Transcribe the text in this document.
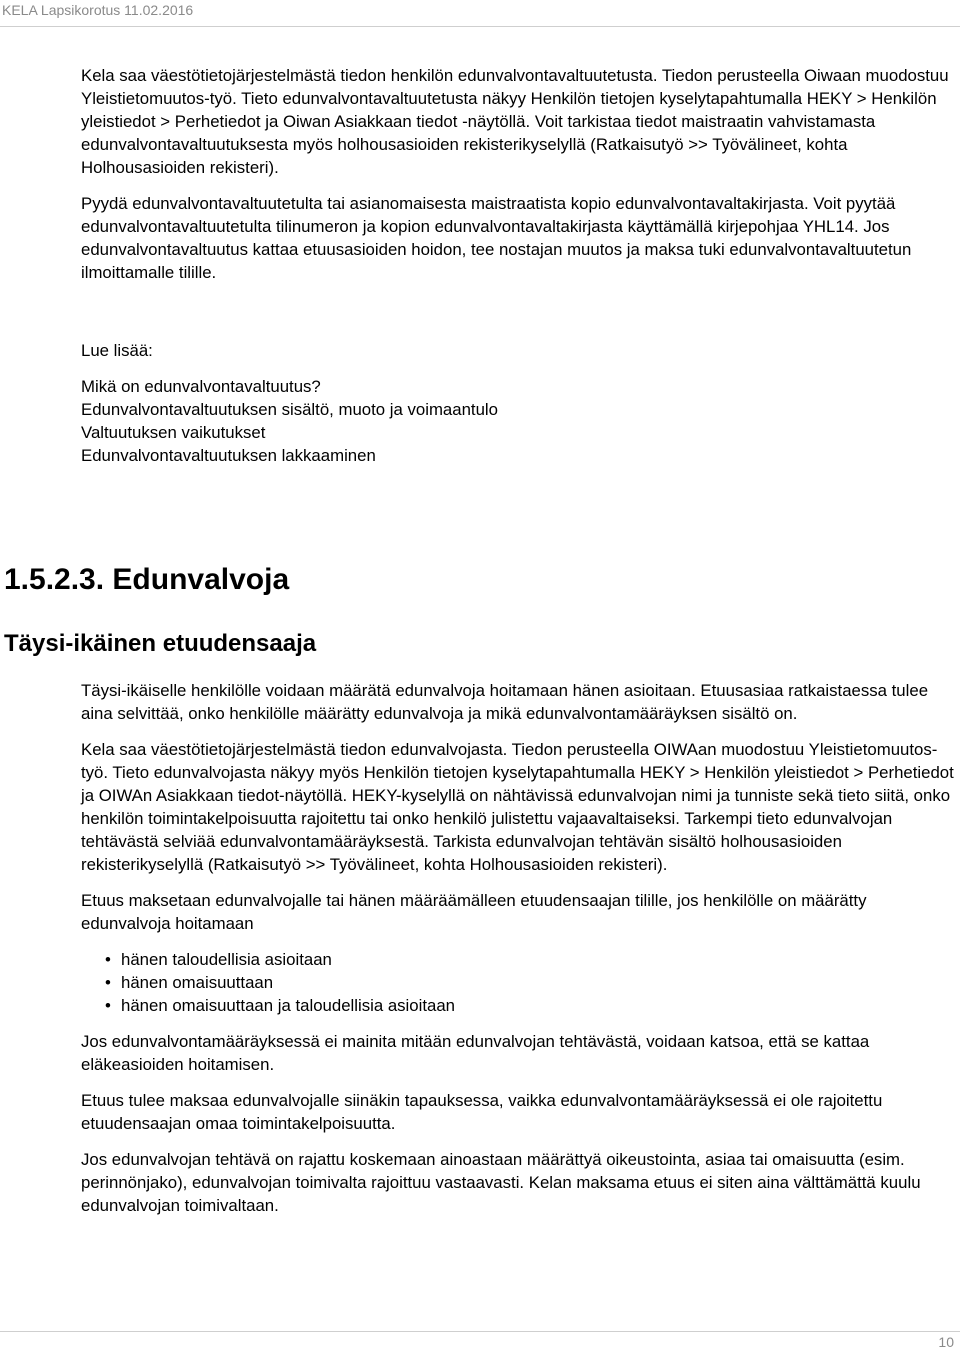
KELA Lapsikorotus 11.02.2016

Kela saa väestötietojärjestelmästä tiedon henkilön edunvalvontavaltuutetusta. Tiedon perusteella Oiwaan muodostuu Yleistietomuutos-työ. Tieto edunvalvontavaltuutetusta näkyy Henkilön tietojen kyselytapahtumalla HEKY > Henkilön yleistiedot > Perhetiedot ja Oiwan Asiakkaan tiedot -näytöllä. Voit tarkistaa tiedot maistraatin vahvistamasta edunvalvontavaltuutuksesta myös holhousasioiden rekisterikyselyllä (Ratkaisutyö >> Työvälineet, kohta Holhousasioiden rekisteri).

Pyydä edunvalvontavaltuutetulta tai asianomaisesta maistraatista kopio edunvalvontavaltakirjasta. Voit pyytää edunvalvontavaltuutetulta tilinumeron ja kopion edunvalvontavaltakirjasta käyttämällä kirjepohjaa YHL14. Jos edunvalvontavaltuutus kattaa etuusasioiden hoidon, tee nostajan muutos ja maksa tuki edunvalvontavaltuutetun ilmoittamalle tilille.

Lue lisää:

Mikä on edunvalvontavaltuutus?

Edunvalvontavaltuutuksen sisältö, muoto ja voimaantulo

Valtuutuksen vaikutukset

Edunvalvontavaltuutuksen lakkaaminen

1.5.2.3. Edunvalvoja
Täysi-ikäinen etuudensaaja

Täysi-ikäiselle henkilölle voidaan määrätä edunvalvoja hoitamaan hänen asioitaan. Etuusasiaa ratkaistaessa tulee aina selvittää, onko henkilölle määrätty edunvalvoja ja mikä edunvalvontamääräyksen sisältö on.

Kela saa väestötietojärjestelmästä tiedon edunvalvojasta. Tiedon perusteella OIWAan muodostuu Yleistietomuutos-työ. Tieto edunvalvojasta näkyy myös Henkilön tietojen kyselytapahtumalla HEKY > Henkilön yleistiedot > Perhetiedot ja OIWAn Asiakkaan tiedot-näytöllä. HEKY-kyselyllä on nähtävissä edunvalvojan nimi ja tunniste sekä tieto siitä, onko henkilön toimintakelpoisuutta rajoitettu tai onko henkilö julistettu vajaavaltaiseksi. Tarkempi tieto edunvalvojan tehtävästä selviää edunvalvontamääräyksestä. Tarkista edunvalvojan tehtävän sisältö holhousasioiden rekisterikyselyllä (Ratkaisutyö >> Työvälineet, kohta Holhousasioiden rekisteri).

Etuus maksetaan edunvalvojalle tai hänen määräämälleen etuudensaajan tilille, jos henkilölle on määrätty edunvalvoja hoitamaan

• hänen taloudellisia asioitaan
• hänen omaisuuttaan
• hänen omaisuuttaan ja taloudellisia asioitaan

Jos edunvalvontamääräyksessä ei mainita mitään edunvalvojan tehtävästä, voidaan katsoa, että se kattaa eläkeasioiden hoitamisen.

Etuus tulee maksaa edunvalvojalle siinäkin tapauksessa, vaikka edunvalvontamääräyksessä ei ole rajoitettu etuudensaajan omaa toimintakelpoisuutta.

Jos edunvalvojan tehtävä on rajattu koskemaan ainoastaan määrättyä oikeustointa, asiaa tai omaisuutta (esim. perinnönjako), edunvalvojan toimivalta rajoittuu vastaavasti. Kelan maksama etuus ei siten aina välttämättä kuulu edunvalvojan toimivaltaan.

10
